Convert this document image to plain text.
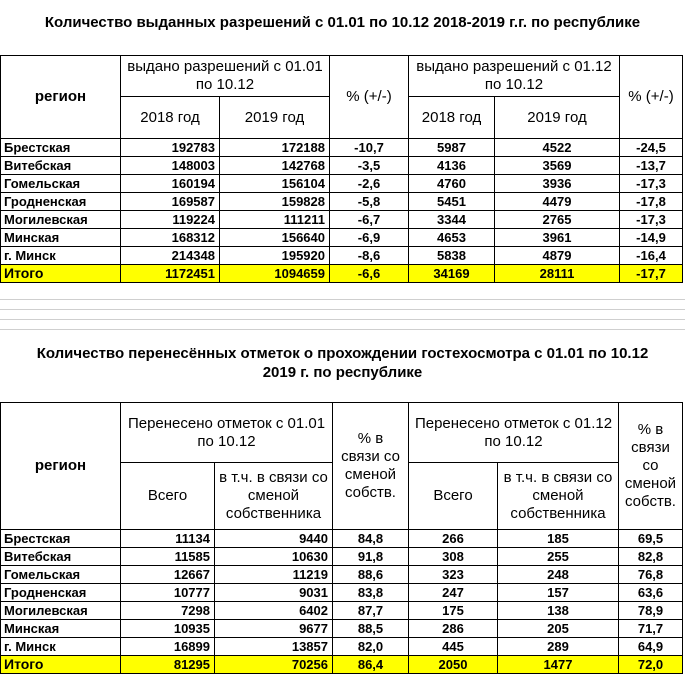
Количество выданных разрешений с 01.01 по 10.12 2018-2019 г.г. по республике
регион	выдано разрешений с 01.01 по 10.12		% (+/-)	выдано разрешений с 01.12 по 10.12		% (+/-)
	2018 год	2019 год		2018 год	2019 год	
Брестская	192783	172188	-10,7	5987	4522	-24,5
Витебская	148003	142768	-3,5	4136	3569	-13,7
Гомельская	160194	156104	-2,6	4760	3936	-17,3
Гродненская	169587	159828	-5,8	5451	4479	-17,8
Могилевская	119224	111211	-6,7	3344	2765	-17,3
Минская	168312	156640	-6,9	4653	3961	-14,9
г. Минск	214348	195920	-8,6	5838	4879	-16,4
Итого	1172451	1094659	-6,6	34169	28111	-17,7
Количество перенесённых отметок о прохождении гостехосмотра с 01.01 по 10.12
2019 г. по республике
регион	Перенесено отметок с 01.01 по 10.12		% в связи со сменой собств.	Перенесено отметок с 01.12 по 10.12		% в связи со сменой собств.
	Всего	в т.ч. в связи со сменой собственника		Всего	в т.ч. в связи со сменой собственника	
Брестская	11134	9440	84,8	266	185	69,5
Витебская	11585	10630	91,8	308	255	82,8
Гомельская	12667	11219	88,6	323	248	76,8
Гродненская	10777	9031	83,8	247	157	63,6
Могилевская	7298	6402	87,7	175	138	78,9
Минская	10935	9677	88,5	286	205	71,7
г. Минск	16899	13857	82,0	445	289	64,9
Итого	81295	70256	86,4	2050	1477	72,0
